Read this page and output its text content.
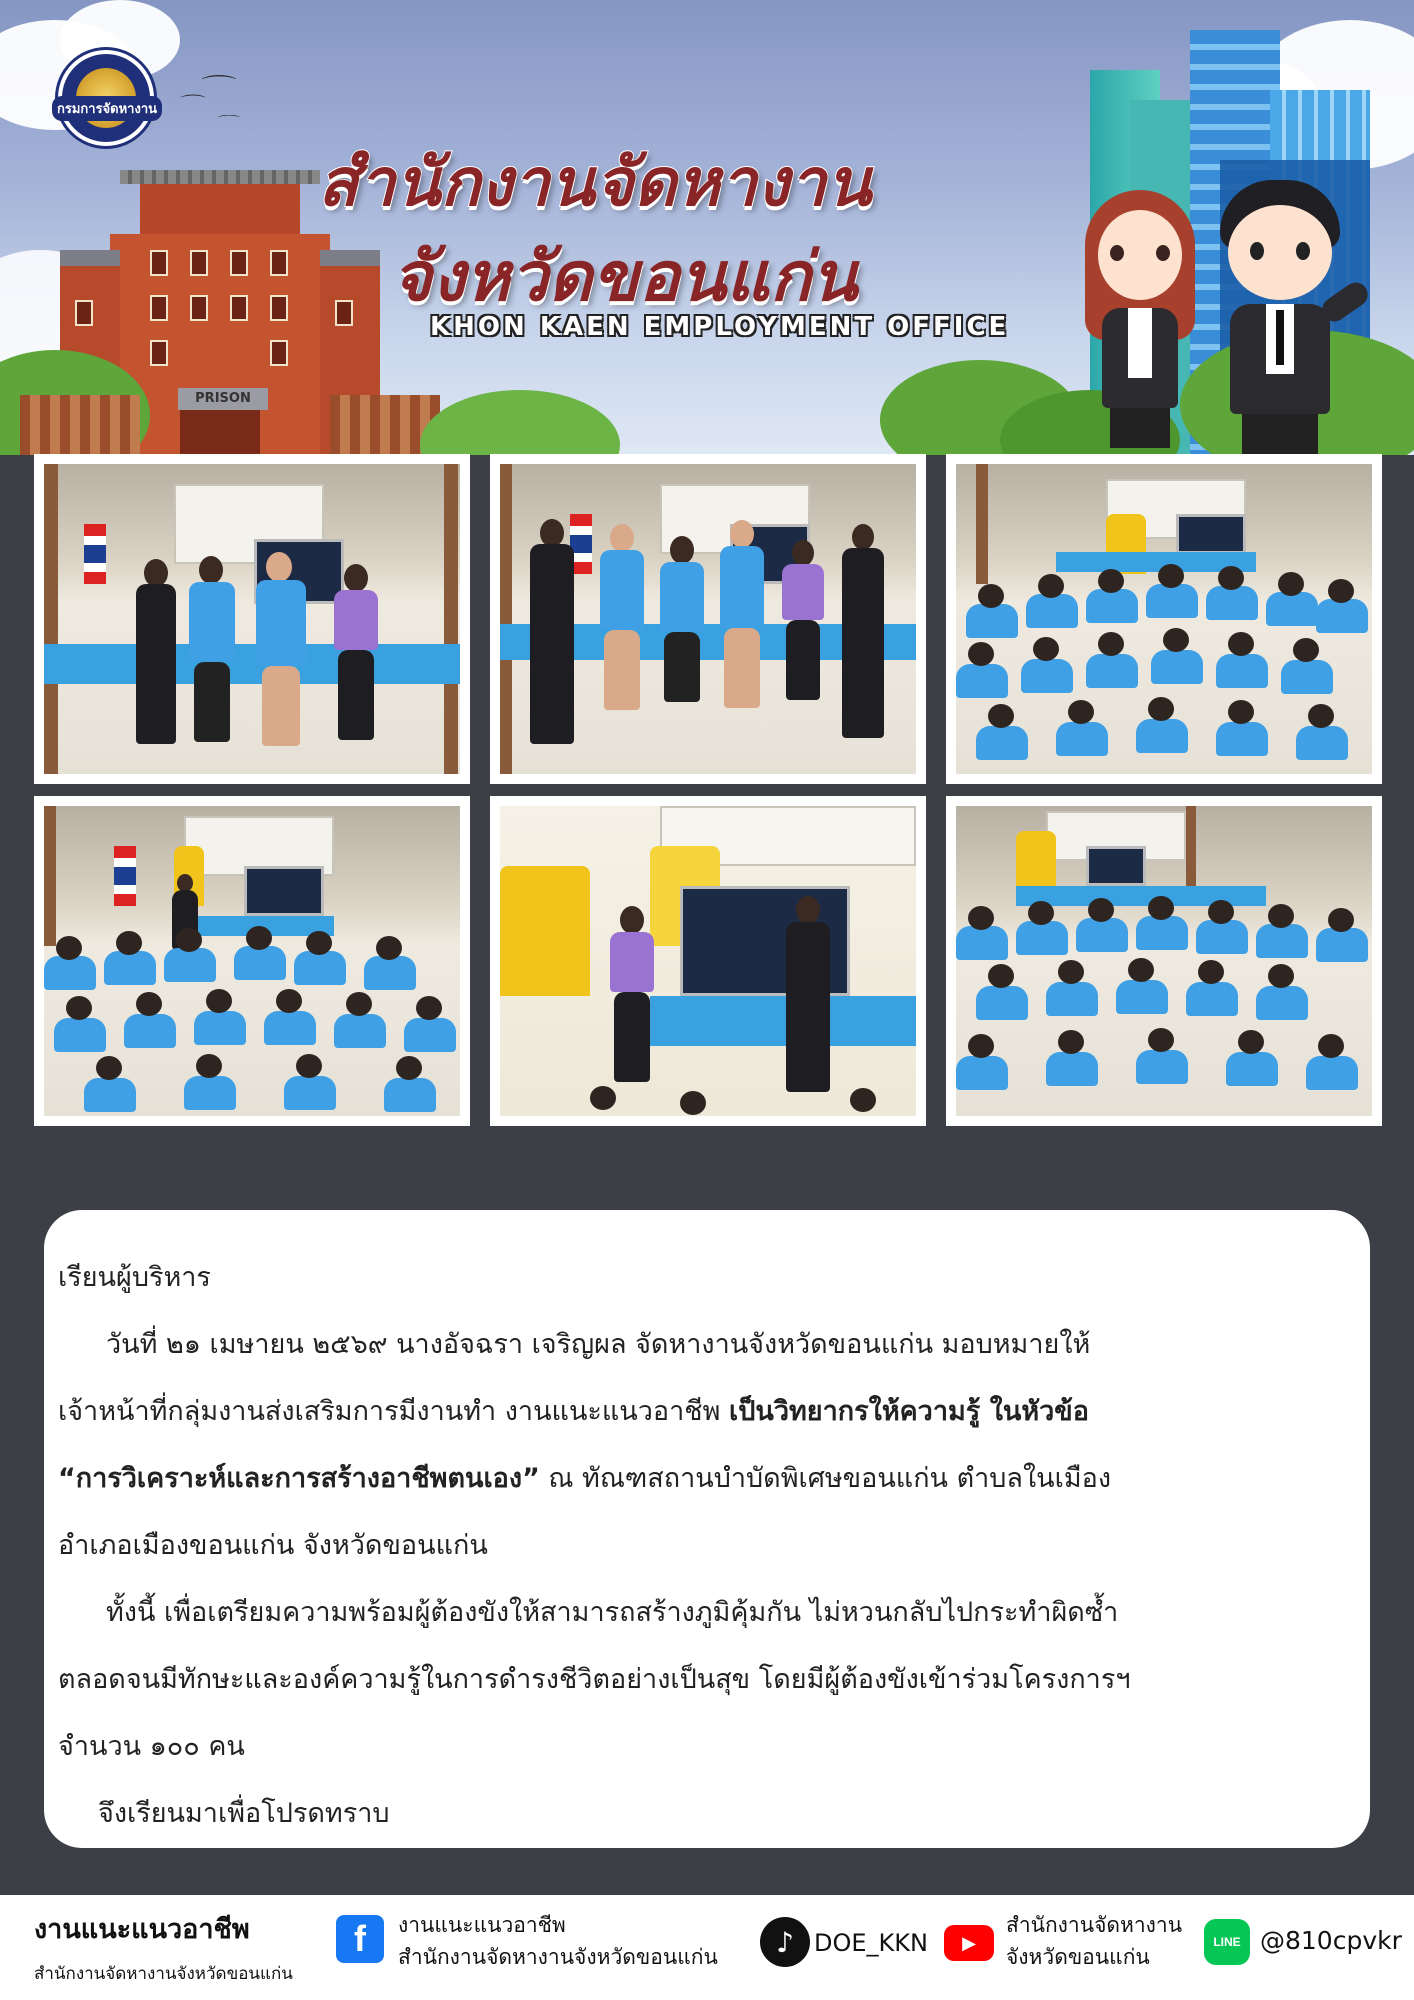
⌒
⌒
⌒
PRISON
กรมการจัดหางาน
สำนักงานจัดหางาน
จังหวัดขอนแก่น
KHON KAEN EMPLOYMENT OFFICE

เรียนผู้บริหาร

วันที่ ๒๑ เมษายน ๒๕๖๙ นางอัจฉรา เจริญผล จัดหางานจังหวัดขอนแก่น มอบหมายให้

เจ้าหน้าที่กลุ่มงานส่งเสริมการมีงานทำ งานแนะแนวอาชีพ เป็นวิทยากรให้ความรู้ ในหัวข้อ

“การวิเคราะห์และการสร้างอาชีพตนเอง” ณ ทัณฑสถานบำบัดพิเศษขอนแก่น ตำบลในเมือง

อำเภอเมืองขอนแก่น จังหวัดขอนแก่น

ทั้งนี้ เพื่อเตรียมความพร้อมผู้ต้องขังให้สามารถสร้างภูมิคุ้มกัน ไม่หวนกลับไปกระทำผิดซ้ำ

ตลอดจนมีทักษะและองค์ความรู้ในการดำรงชีวิตอย่างเป็นสุข โดยมีผู้ต้องขังเข้าร่วมโครงการฯ

จำนวน ๑๐๐ คน

จึงเรียนมาเพื่อโปรดทราบ

งานแนะแนวอาชีพ
สำนักงานจัดหางานจังหวัดขอนแก่น
f	งานแนะแนวอาชีพ
สำนักงานจัดหางานจังหวัดขอนแก่น	♪ DOE_KKN	▶
สำนักงานจัดหางาน
จังหวัดขอนแก่น
LINE @810cpvkr
